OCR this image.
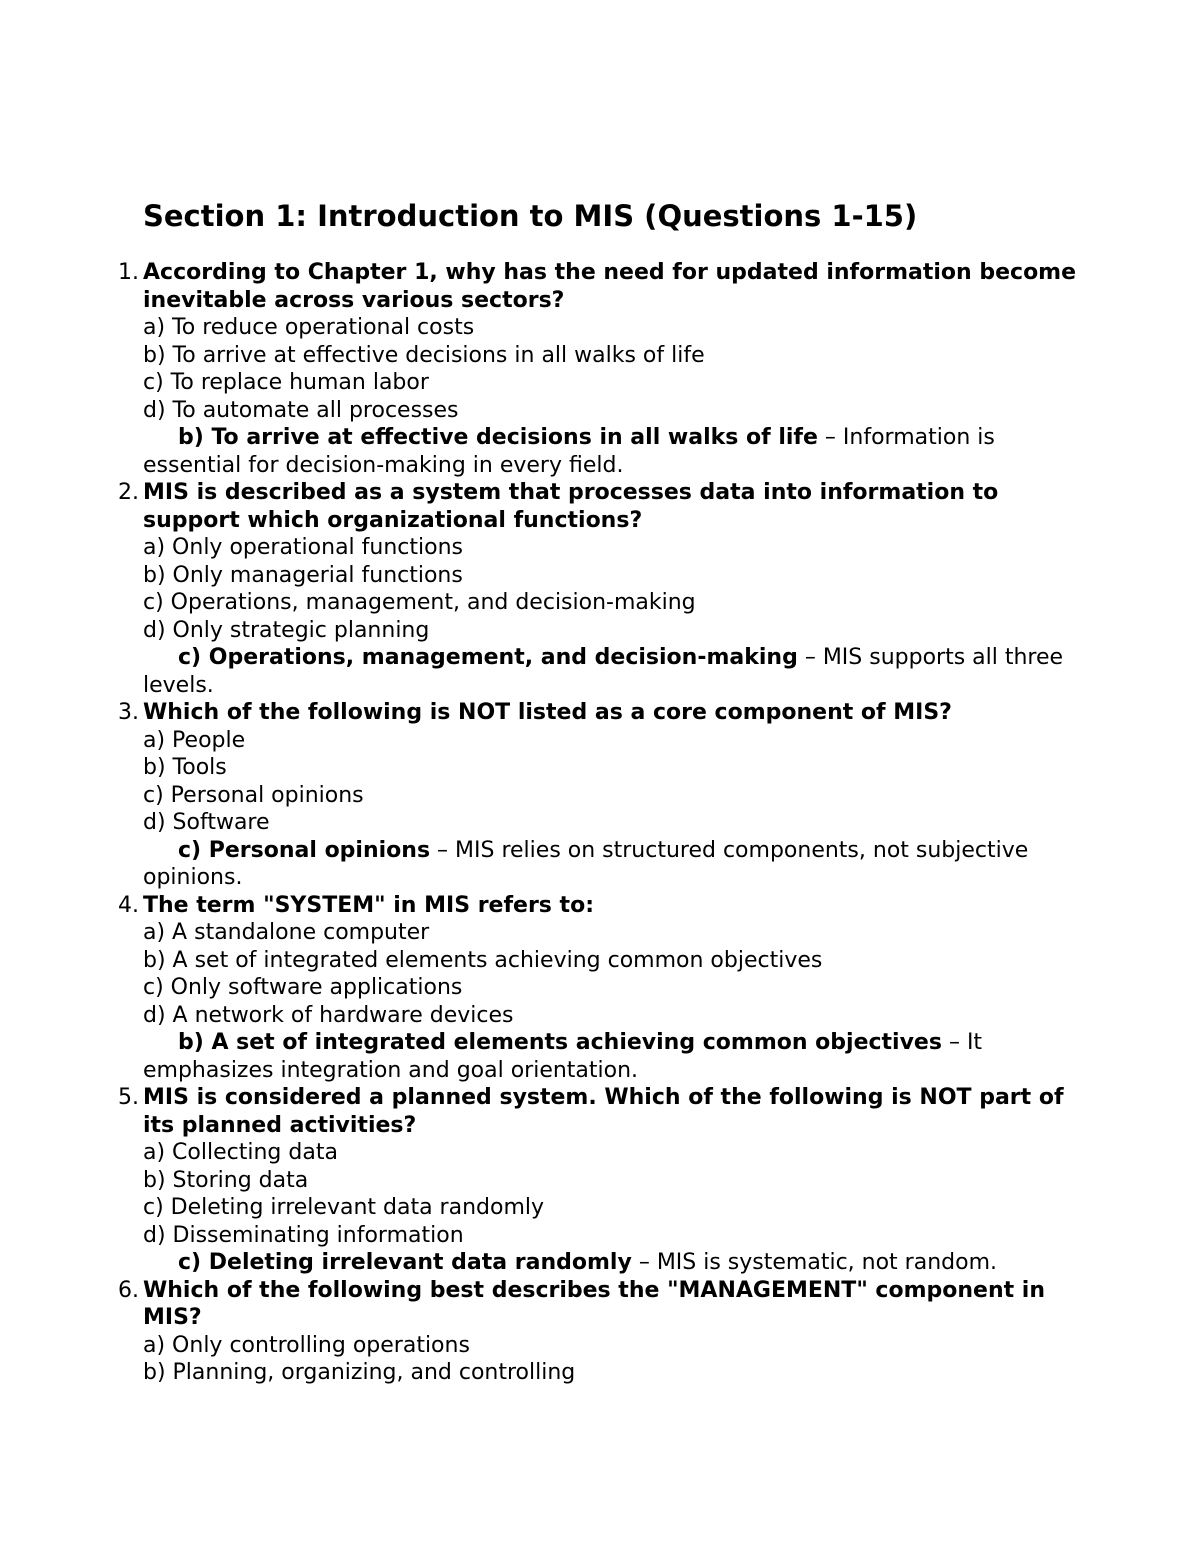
Section 1: Introduction to MIS (Questions 1-15)
1. According to Chapter 1, why has the need for updated information become inevitable across various sectors?
a) To reduce operational costs
b) To arrive at effective decisions in all walks of life
c) To replace human labor
d) To automate all processes
b) To arrive at effective decisions in all walks of life – Information is essential for decision-making in every field.
2. MIS is described as a system that processes data into information to support which organizational functions?
a) Only operational functions
b) Only managerial functions
c) Operations, management, and decision-making
d) Only strategic planning
c) Operations, management, and decision-making – MIS supports all three levels.
3. Which of the following is NOT listed as a core component of MIS?
a) People
b) Tools
c) Personal opinions
d) Software
c) Personal opinions – MIS relies on structured components, not subjective opinions.
4. The term "SYSTEM" in MIS refers to:
a) A standalone computer
b) A set of integrated elements achieving common objectives
c) Only software applications
d) A network of hardware devices
b) A set of integrated elements achieving common objectives – It emphasizes integration and goal orientation.
5. MIS is considered a planned system. Which of the following is NOT part of its planned activities?
a) Collecting data
b) Storing data
c) Deleting irrelevant data randomly
d) Disseminating information
c) Deleting irrelevant data randomly – MIS is systematic, not random.
6. Which of the following best describes the "MANAGEMENT" component in MIS?
a) Only controlling operations
b) Planning, organizing, and controlling
